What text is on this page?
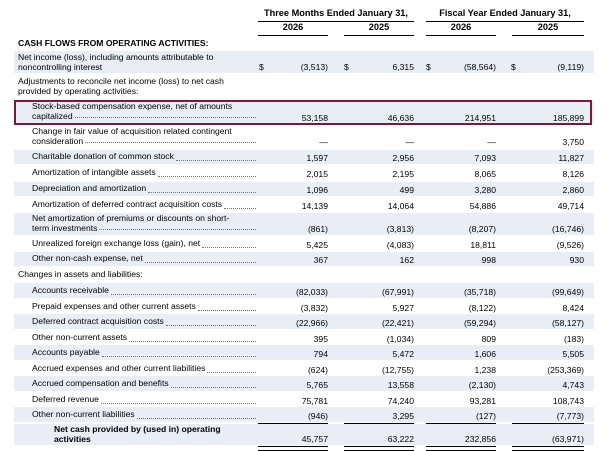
Three Months Ended January 31,	Fiscal Year Ended January 31,
2026	2025	2026	2025
CASH FLOWS FROM OPERATING ACTIVITIES:
Net income (loss), including amounts attributable to
noncontrolling interest	$	(3,513) $	6,315 $	(58,564) $	(9,119)
Adjustments to reconcile net income (loss) to net cash
provided by operating activities:
Stock-based compensation expense, net of amounts
capitalized	53,158	46,636	214,951	185,899
Change in fair value of acquisition related contingent
consideration	—	—	—	3,750
Charitable donation of common stock	1,597	2,956	7,093	11,827
Amortization of intangible assets	2,015	2,195	8,065	8,126
Depreciation and amortization	1,096	499	3,280	2,860
Amortization of deferred contract acquisition costs	14,139	14,064	54,886	49,714
Net amortization of premiums or discounts on short-
term investments	(861)	(3,813)	(8,207)	(16,746)
Unrealized foreign exchange loss (gain), net	5,425	(4,083)	18,811	(9,526)
Other non-cash expense, net	367	162	998	930
Changes in assets and liabilities:
Accounts receivable	(82,033)	(67,991)	(35,718)	(99,649)
Prepaid expenses and other current assets	(3,832)	5,927	(8,122)	8,424
Deferred contract acquisition costs	(22,966)	(22,421)	(59,294)	(58,127)
Other non-current assets	395	(1,034)	809	(183)
Accounts payable	794	5,472	1,606	5,505
Accrued expenses and other current liabilities	(624)	(12,755)	1,238	(253,369)
Accrued compensation and benefits	5,765	13,558	(2,130)	4,743
Deferred revenue	75,781	74,240	93,281	108,743
Other non-current liabilities	(946)	3,295	(127)	(7,773)
Net cash provided by (used in) operating
activities	45,757	63,222	232,856	(63,971)
